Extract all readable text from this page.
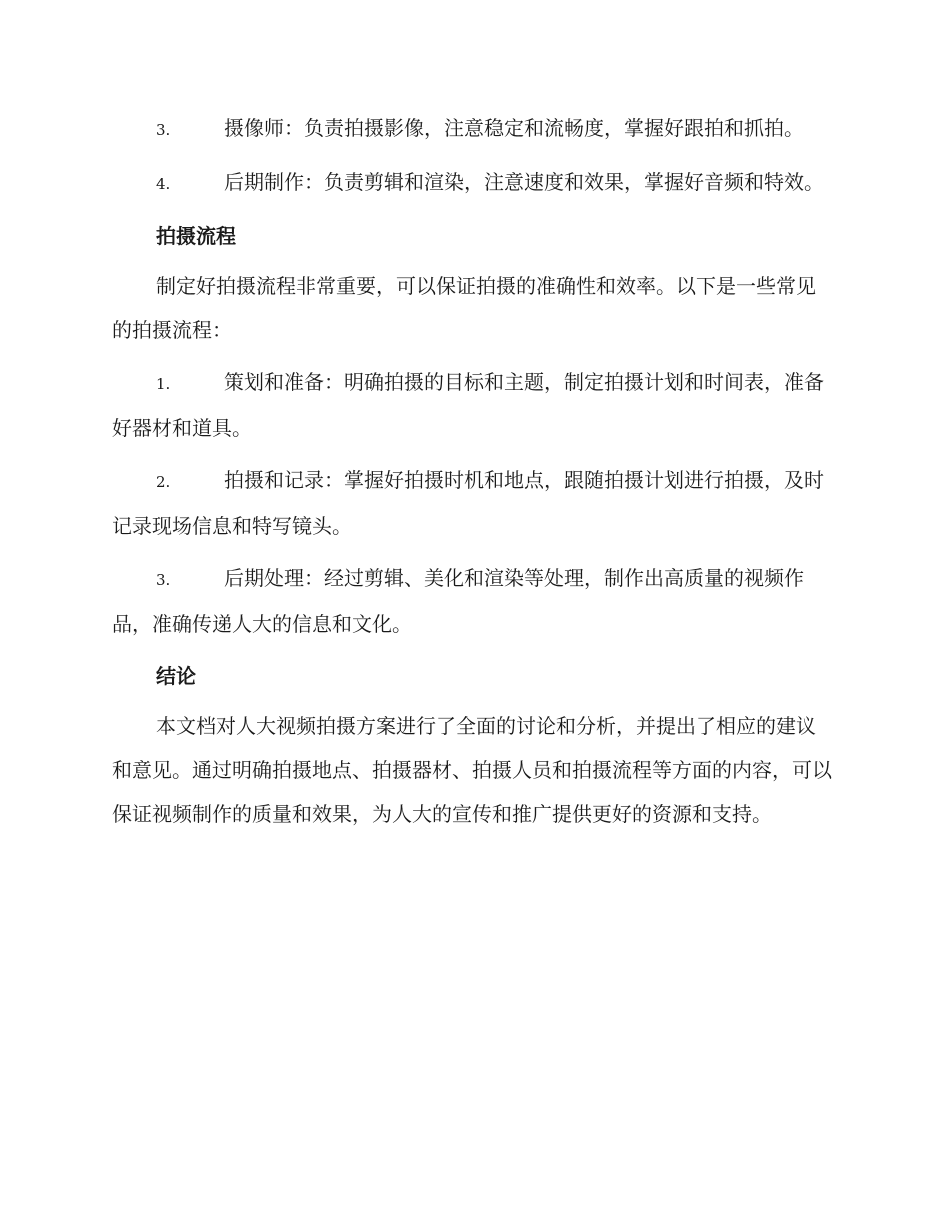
3.	摄像师：负责拍摄影像，注意稳定和流畅度，掌握好跟拍和抓拍。

4.	后期制作：负责剪辑和渲染，注意速度和效果，掌握好音频和特效。

拍摄流程

制定好拍摄流程非常重要，可以保证拍摄的准确性和效率。以下是一些常见的拍摄流程：

1.	策划和准备：明确拍摄的目标和主题，制定拍摄计划和时间表，准备好器材和道具。

2.	拍摄和记录：掌握好拍摄时机和地点，跟随拍摄计划进行拍摄，及时记录现场信息和特写镜头。

3.	后期处理：经过剪辑、美化和渲染等处理，制作出高质量的视频作品，准确传递人大的信息和文化。

结论

本文档对人大视频拍摄方案进行了全面的讨论和分析，并提出了相应的建议和意见。通过明确拍摄地点、拍摄器材、拍摄人员和拍摄流程等方面的内容，可以保证视频制作的质量和效果，为人大的宣传和推广提供更好的资源和支持。
